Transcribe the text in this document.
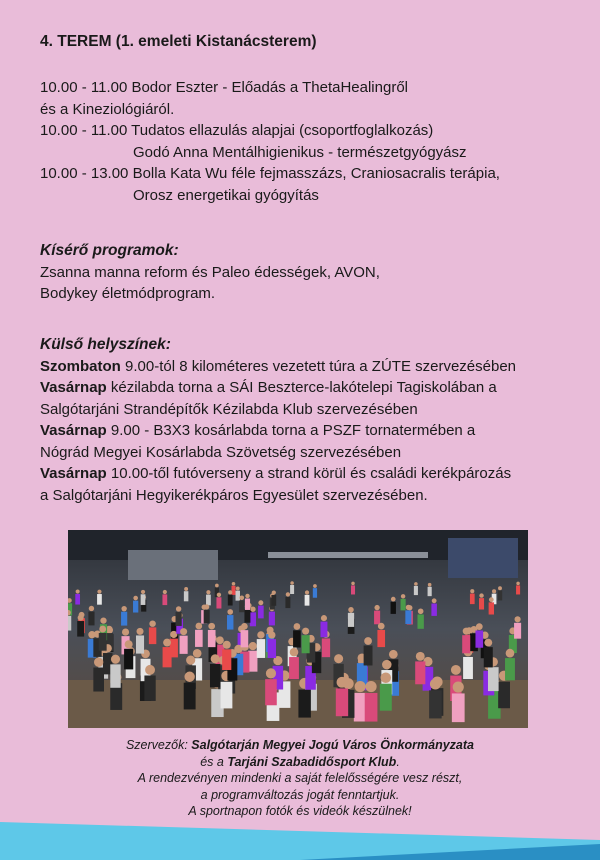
4. TEREM (1. emeleti Kistanácsterem)
10.00 - 11.00 Bodor Eszter - Előadás a ThetaHealingről
és a Kineziológiáról.
10.00 - 11.00 Tudatos ellazulás alapjai (csoportfoglalkozás)
Godó Anna Mentálhigienikus - természetgyógyász
10.00 - 13.00 Bolla Kata Wu féle fejmasszázs, Craniosacralis terápia,
Orosz energetikai gyógyítás
Kísérő programok:
Zsanna manna reform és Paleo édességek, AVON,
Bodykey életmódprogram.
Külső helyszínek:
Szombaton 9.00-tól 8 kilométeres vezetett túra a ZÚTE szervezésében
Vasárnap kézilabda torna a SÁI Beszterce-lakótelepi Tagiskolában a
Salgótarjáni Strandépítők Kézilabda Klub szervezésében
Vasárnap 9.00 - B3X3 kosárlabda torna a PSZF tornatermében a
Nógrád Megyei Kosárlabda Szövetség szervezésében
Vasárnap 10.00-től futóverseny a strand körül és családi kerékpározás
a Salgótarjáni Hegyikerékpáros Egyesület szervezésében.
Szervezők: Salgótarján Megyei Jogú Város Önkormányzata
és a Tarjáni Szabadidősport Klub.
A rendezvényen mindenki a saját felelősségére vesz részt,
a programváltozás jogát fenntartjuk.
A sportnapon fotók és videók készülnek!
